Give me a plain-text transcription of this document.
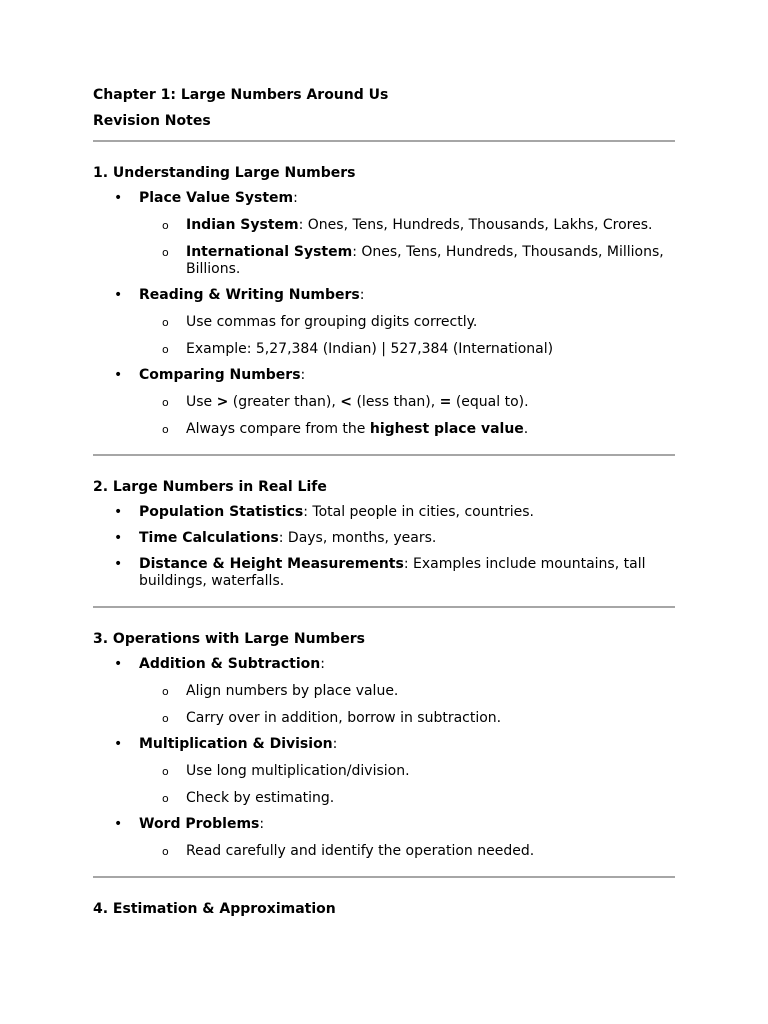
Chapter 1: Large Numbers Around Us

Revision Notes

1. Understanding Large Numbers

• Place Value System:
o Indian System: Ones, Tens, Hundreds, Thousands, Lakhs, Crores.
o International System: Ones, Tens, Hundreds, Thousands, Millions, Billions.
• Reading & Writing Numbers:
o Use commas for grouping digits correctly.
o Example: 5,27,384 (Indian) | 527,384 (International)
• Comparing Numbers:
o Use > (greater than), < (less than), = (equal to).
o Always compare from the highest place value.

2. Large Numbers in Real Life

• Population Statistics: Total people in cities, countries.
• Time Calculations: Days, months, years.
• Distance & Height Measurements: Examples include mountains, tall buildings, waterfalls.

3. Operations with Large Numbers

• Addition & Subtraction:
o Align numbers by place value.
o Carry over in addition, borrow in subtraction.
• Multiplication & Division:
o Use long multiplication/division.
o Check by estimating.
• Word Problems:
o Read carefully and identify the operation needed.

4. Estimation & Approximation
